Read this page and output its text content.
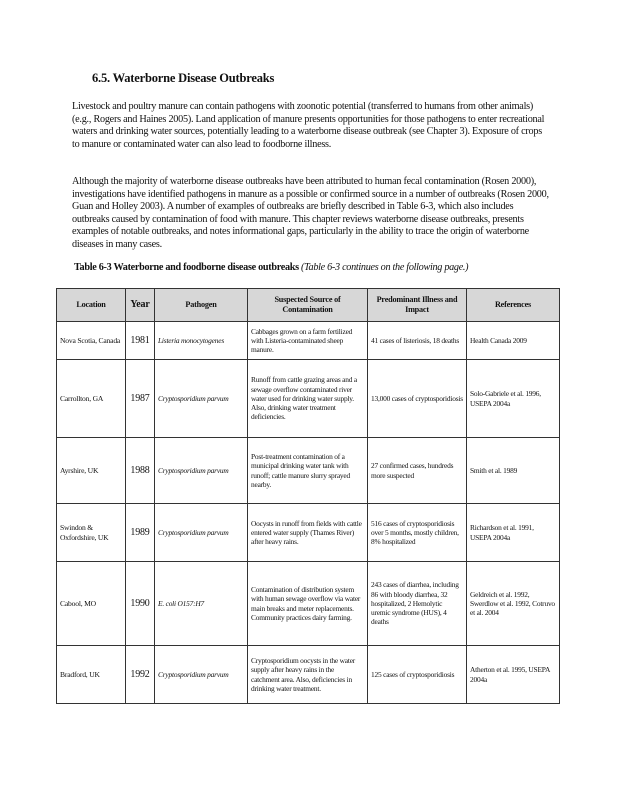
6.5. Waterborne Disease Outbreaks
Livestock and poultry manure can contain pathogens with zoonotic potential (transferred to humans from other animals) (e.g., Rogers and Haines 2005). Land application of manure presents opportunities for those pathogens to enter recreational waters and drinking water sources, potentially leading to a waterborne disease outbreak (see Chapter 3). Exposure of crops to manure or contaminated water can also lead to foodborne illness.
Although the majority of waterborne disease outbreaks have been attributed to human fecal contamination (Rosen 2000), investigations have identified pathogens in manure as a possible or confirmed source in a number of outbreaks (Rosen 2000, Guan and Holley 2003). A number of examples of outbreaks are briefly described in Table 6-3, which also includes outbreaks caused by contamination of food with manure. This chapter reviews waterborne disease outbreaks, presents examples of notable outbreaks, and notes informational gaps, particularly in the ability to trace the origin of waterborne diseases in many cases.
Table 6-3 Waterborne and foodborne disease outbreaks (Table 6-3 continues on the following page.)
Location	Year	Pathogen	Suspected Source of Contamination	Predominant Illness and Impact	References
Nova Scotia, Canada	1981	Listeria monocytogenes	Cabbages grown on a farm fertilized with Listeria-contaminated sheep manure.	41 cases of listeriosis, 18 deaths	Health Canada 2009
Carrollton, GA	1987	Cryptosporidium parvum	Runoff from cattle grazing areas and a sewage overflow contaminated river water used for drinking water supply. Also, drinking water treatment deficiencies.	13,000 cases of cryptosporidiosis	Solo-Gabriele et al. 1996, USEPA 2004a
Ayrshire, UK	1988	Cryptosporidium parvum	Post-treatment contamination of a municipal drinking water tank with runoff; cattle manure slurry sprayed nearby.	27 confirmed cases, hundreds more suspected	Smith et al. 1989
Swindon & Oxfordshire, UK	1989	Cryptosporidium parvum	Oocysts in runoff from fields with cattle entered water supply (Thames River) after heavy rains.	516 cases of cryptosporidiosis over 5 months, mostly children, 8% hospitalized	Richardson et al. 1991, USEPA 2004a
Cabool, MO	1990	E. coli O157:H7	Contamination of distribution system with human sewage overflow via water main breaks and meter replacements. Community practices dairy farming.	243 cases of diarrhea, including 86 with bloody diarrhea, 32 hospitalized, 2 Hemolytic uremic syndrome (HUS), 4 deaths	Geldreich et al. 1992, Swerdlow et al. 1992, Cotruvo et al. 2004
Bradford, UK	1992	Cryptosporidium parvum	Cryptosporidium oocysts in the water supply after heavy rains in the catchment area. Also, deficiencies in drinking water treatment.	125 cases of cryptosporidiosis	Atherton et al. 1995, USEPA 2004a
